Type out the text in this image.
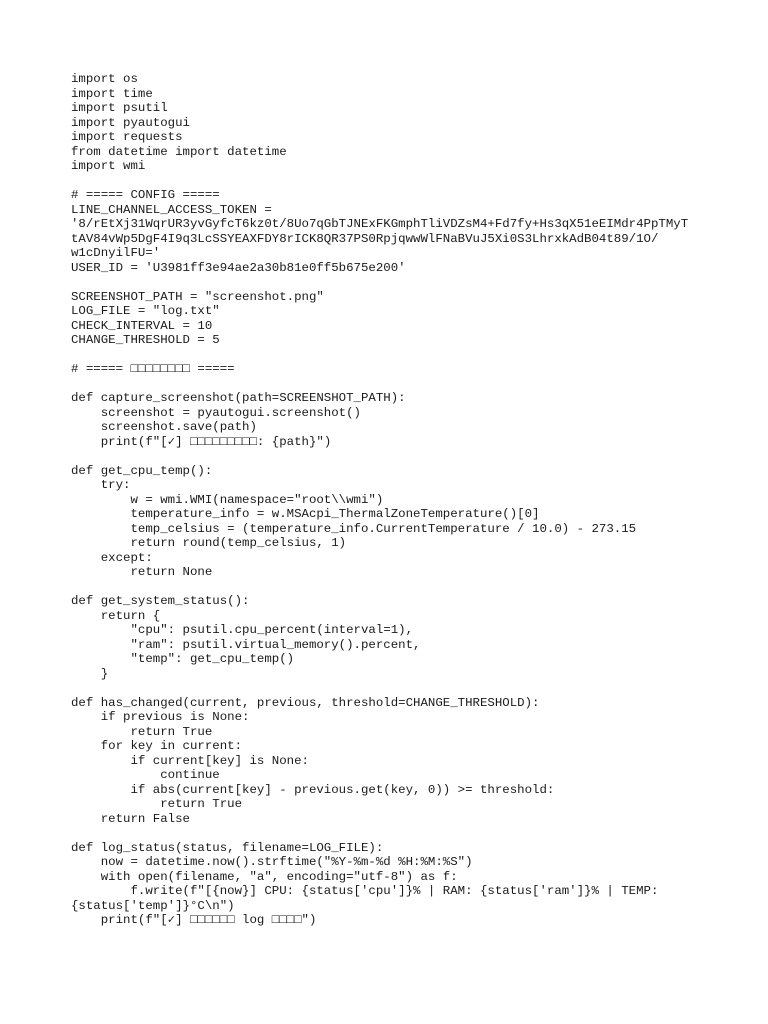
import os
import time
import psutil
import pyautogui
import requests
from datetime import datetime
import wmi
# ===== CONFIG =====
LINE_CHANNEL_ACCESS_TOKEN =
'8/rEtXj31WqrUR3yvGyfcT6kz0t/8Uo7qGbTJNExFKGmphTliVDZsM4+Fd7fy+Hs3qX51eEIMdr4PpTMyT
tAV84vWp5DgF4I9q3LcSSYEAXFDY8rICK8QR37PS0RpjqwwWlFNaBVuJ5Xi0S3LhrxkAdB04t89/1O/
w1cDnyilFU='
USER_ID = 'U3981ff3e94ae2a30b81e0ff5b675e200'
SCREENSHOT_PATH = "screenshot.png"
LOG_FILE = "log.txt"
CHECK_INTERVAL = 10
CHANGE_THRESHOLD = 5
# ===== □□□□□□□□ =====
def capture_screenshot(path=SCREENSHOT_PATH):
screenshot = pyautogui.screenshot()
screenshot.save(path)
print(f"[✓] □□□□□□□□□: {path}")
def get_cpu_temp():
try:
w = wmi.WMI(namespace="root\\wmi")
temperature_info = w.MSAcpi_ThermalZoneTemperature()[0]
temp_celsius = (temperature_info.CurrentTemperature / 10.0) - 273.15
return round(temp_celsius, 1)
except:
return None
def get_system_status():
return {
"cpu": psutil.cpu_percent(interval=1),
"ram": psutil.virtual_memory().percent,
"temp": get_cpu_temp()
}
def has_changed(current, previous, threshold=CHANGE_THRESHOLD):
if previous is None:
return True
for key in current:
if current[key] is None:
continue
if abs(current[key] - previous.get(key, 0)) >= threshold:
return True
return False
def log_status(status, filename=LOG_FILE):
now = datetime.now().strftime("%Y-%m-%d %H:%M:%S")
with open(filename, "a", encoding="utf-8") as f:
f.write(f"[{now}] CPU: {status['cpu']}% | RAM: {status['ram']}% | TEMP:
{status['temp']}°C\n")
print(f"[✓] □□□□□□ log □□□□")
